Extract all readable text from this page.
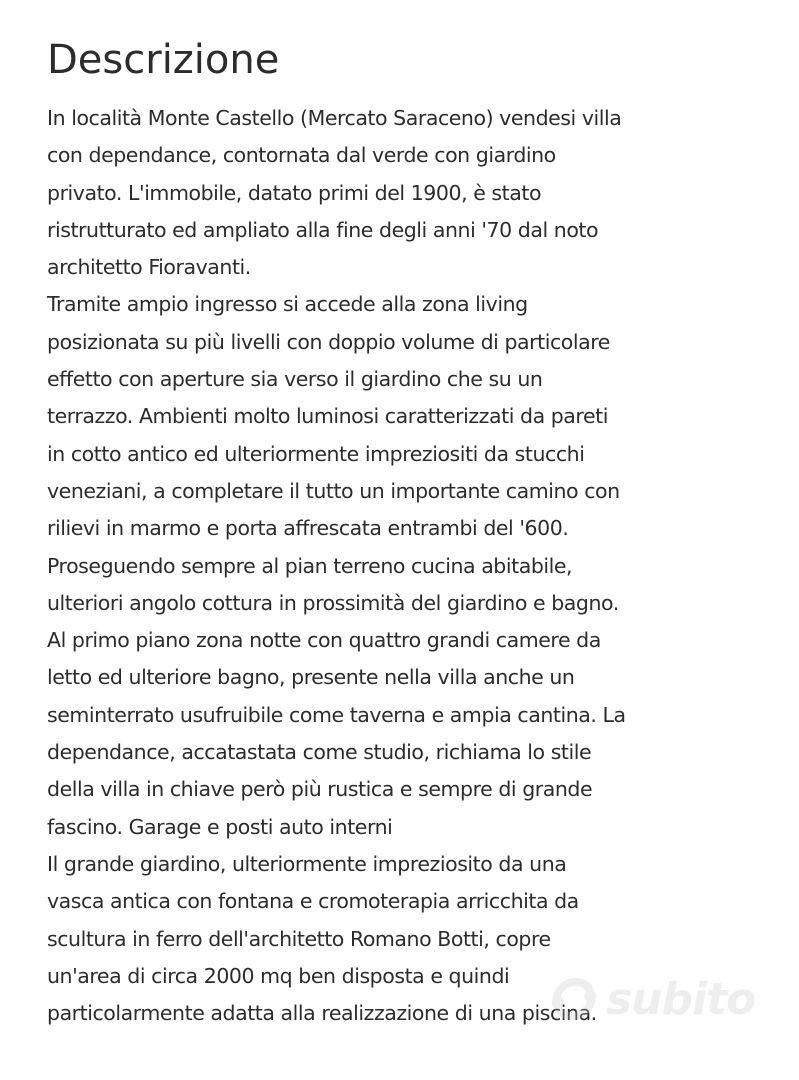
Descrizione
In località Monte Castello (Mercato Saraceno) vendesi villa
con dependance, contornata dal verde con giardino
privato. L'immobile, datato primi del 1900, è stato
ristrutturato ed ampliato alla fine degli anni '70 dal noto
architetto Fioravanti.
Tramite ampio ingresso si accede alla zona living
posizionata su più livelli con doppio volume di particolare
effetto con aperture sia verso il giardino che su un
terrazzo. Ambienti molto luminosi caratterizzati da pareti
in cotto antico ed ulteriormente impreziositi da stucchi
veneziani, a completare il tutto un importante camino con
rilievi in marmo e porta affrescata entrambi del '600.
Proseguendo sempre al pian terreno cucina abitabile,
ulteriori angolo cottura in prossimità del giardino e bagno.
Al primo piano zona notte con quattro grandi camere da
letto ed ulteriore bagno, presente nella villa anche un
seminterrato usufruibile come taverna e ampia cantina. La
dependance, accatastata come studio, richiama lo stile
della villa in chiave però più rustica e sempre di grande
fascino. Garage e posti auto interni
Il grande giardino, ulteriormente impreziosito da una
vasca antica con fontana e cromoterapia arricchita da
scultura in ferro dell'architetto Romano Botti, copre
un'area di circa 2000 mq ben disposta e quindi
particolarmente adatta alla realizzazione di una piscina. subito
